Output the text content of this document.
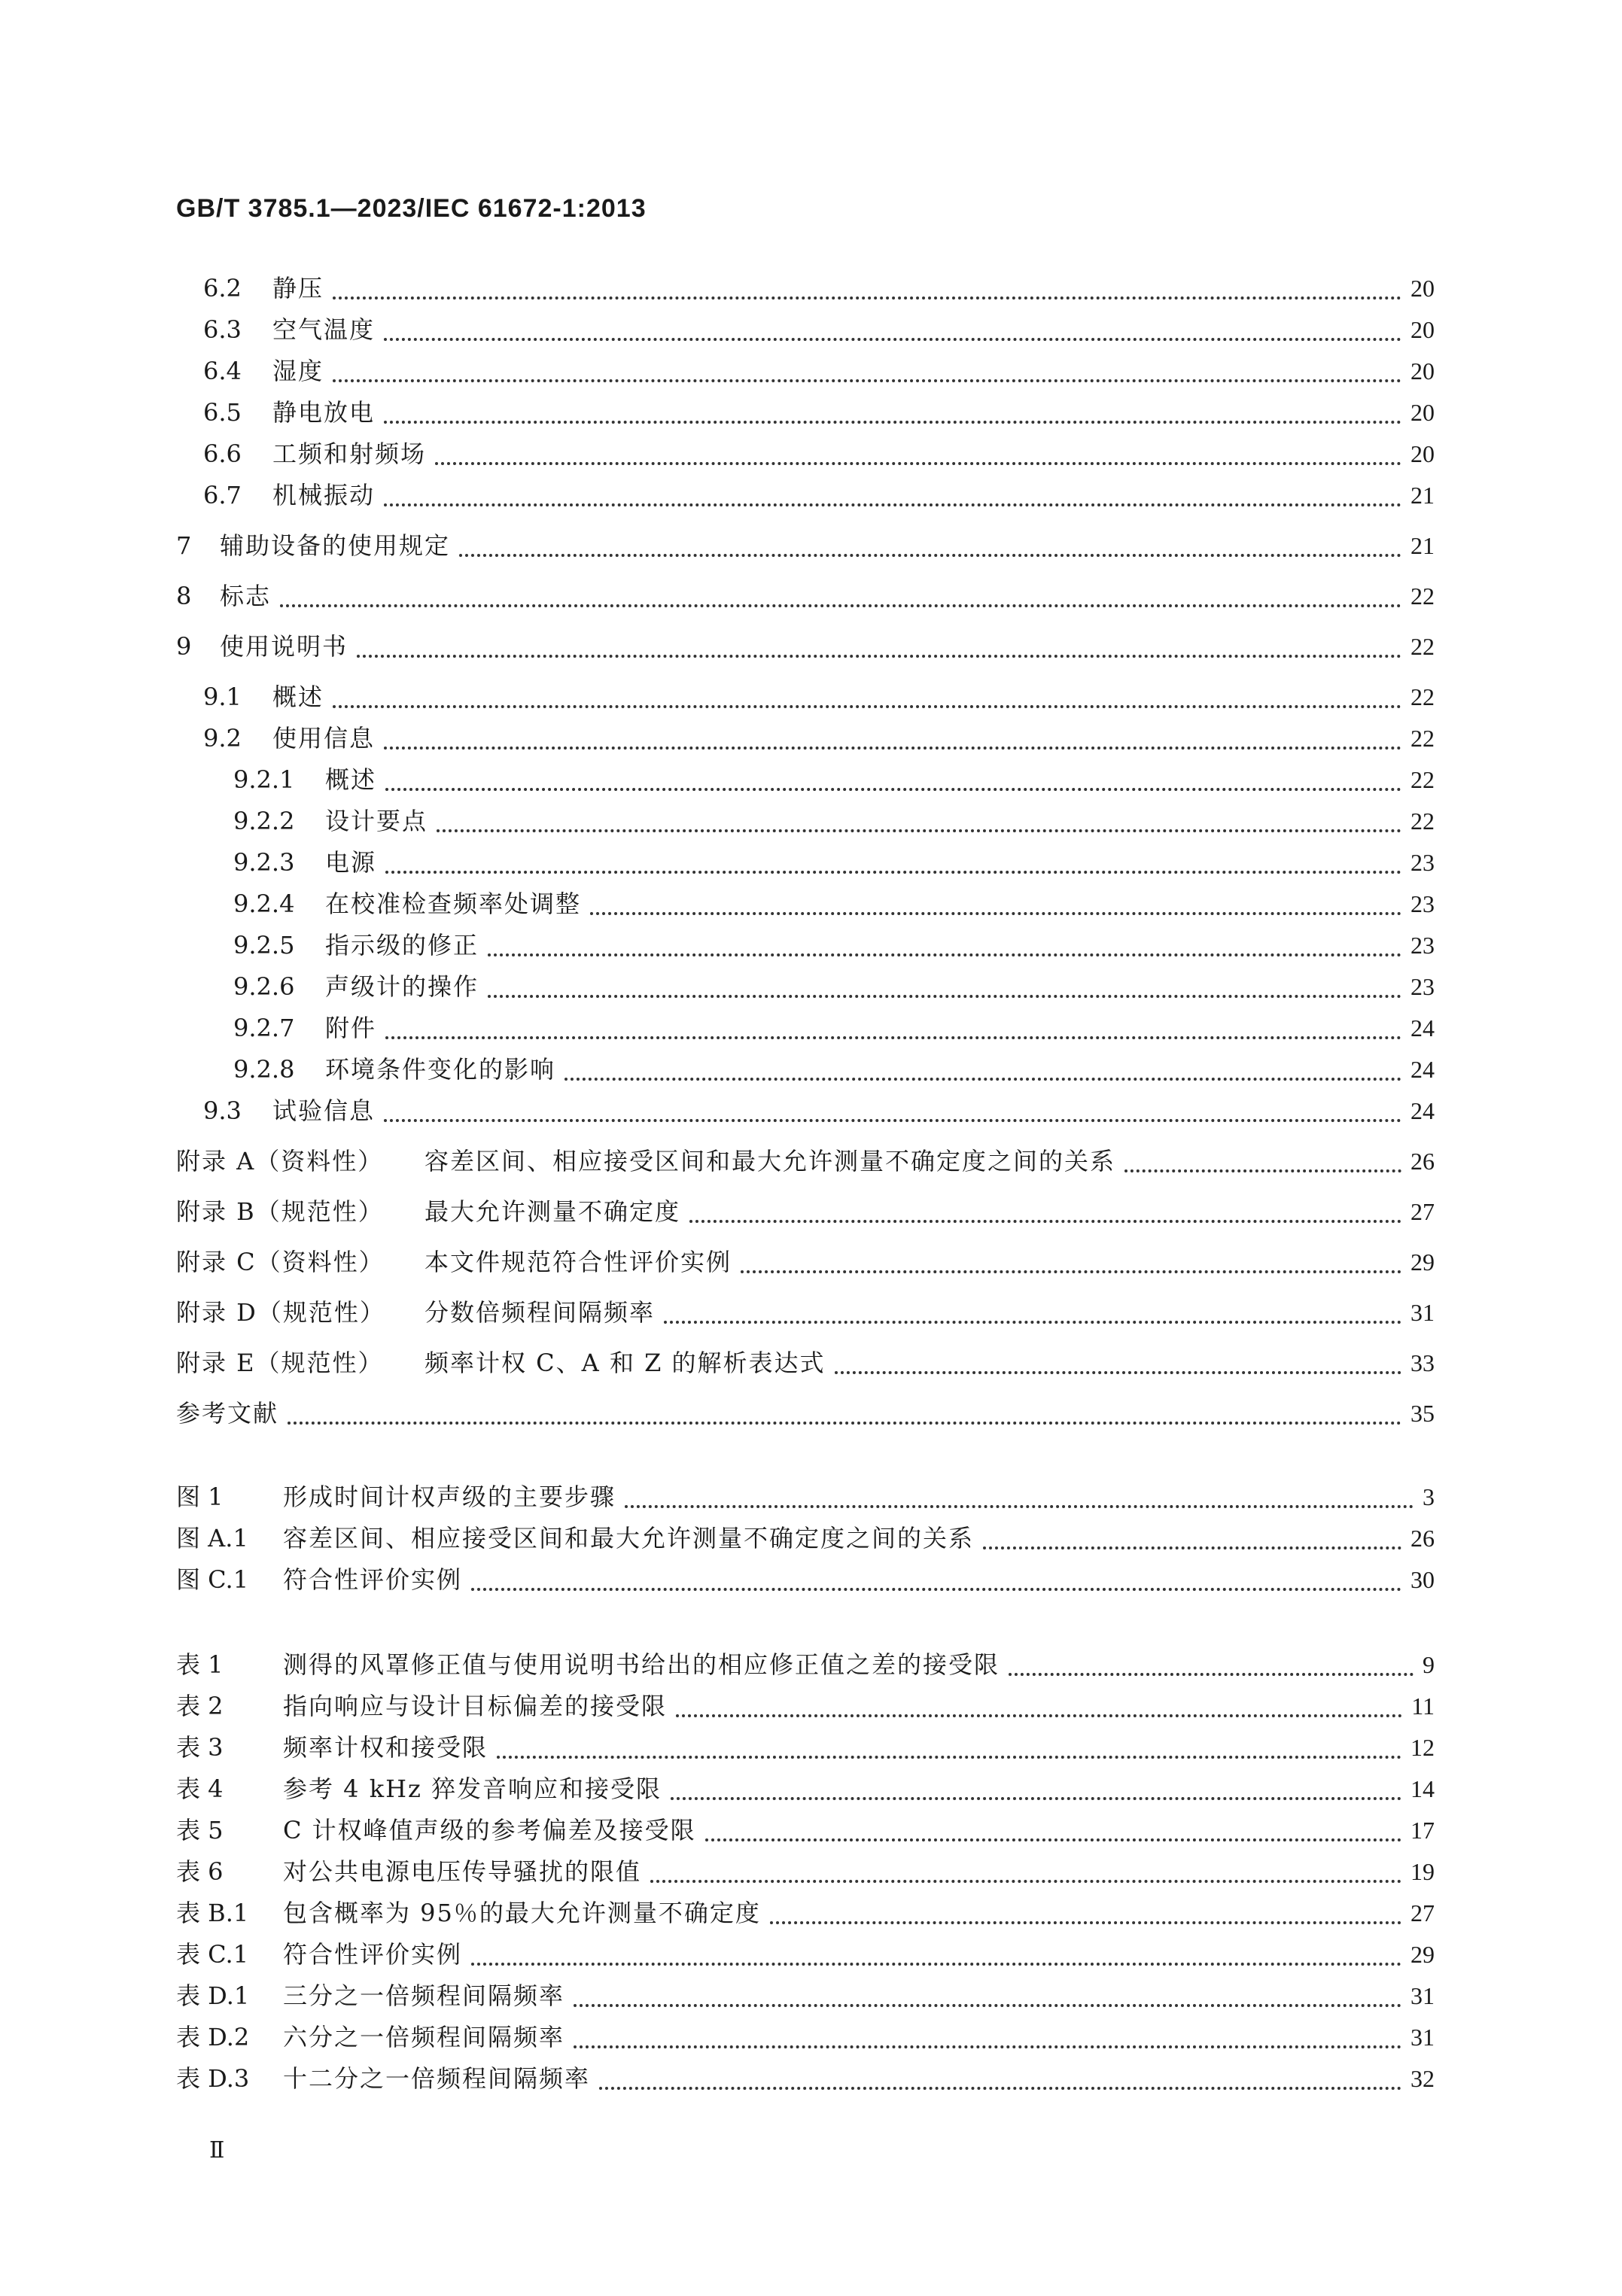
GB/T 3785.1—2023/IEC 61672-1:2013
6.2	静压	20
6.3	空气温度	20
6.4	湿度	20
6.5	静电放电	20
6.6	工频和射频场	20
6.7	机械振动	21
7	辅助设备的使用规定	21
8	标志	22
9	使用说明书	22
9.1	概述	22
9.2	使用信息	22
9.2.1	概述	22
9.2.2	设计要点	22
9.2.3	电源	23
9.2.4	在校准检查频率处调整	23
9.2.5	指示级的修正	23
9.2.6	声级计的操作	23
9.2.7	附件	24
9.2.8	环境条件变化的影响	24
9.3	试验信息	24
附录 A（资料性）	容差区间、相应接受区间和最大允许测量不确定度之间的关系	26
附录 B（规范性）	最大允许测量不确定度	27
附录 C（资料性）	本文件规范符合性评价实例	29
附录 D（规范性）	分数倍频程间隔频率	31
附录 E（规范性）	频率计权 C、A 和 Z 的解析表达式	33
参考文献	35
图 1	形成时间计权声级的主要步骤	3
图 A.1	容差区间、相应接受区间和最大允许测量不确定度之间的关系	26
图 C.1	符合性评价实例	30
表 1	测得的风罩修正值与使用说明书给出的相应修正值之差的接受限	9
表 2	指向响应与设计目标偏差的接受限	11
表 3	频率计权和接受限	12
表 4	参考 4 kHz 猝发音响应和接受限	14
表 5	C 计权峰值声级的参考偏差及接受限	17
表 6	对公共电源电压传导骚扰的限值	19
表 B.1	包含概率为 95％的最大允许测量不确定度	27
表 C.1	符合性评价实例	29
表 D.1	三分之一倍频程间隔频率	31
表 D.2	六分之一倍频程间隔频率	31
表 D.3	十二分之一倍频程间隔频率	32
Ⅱ
